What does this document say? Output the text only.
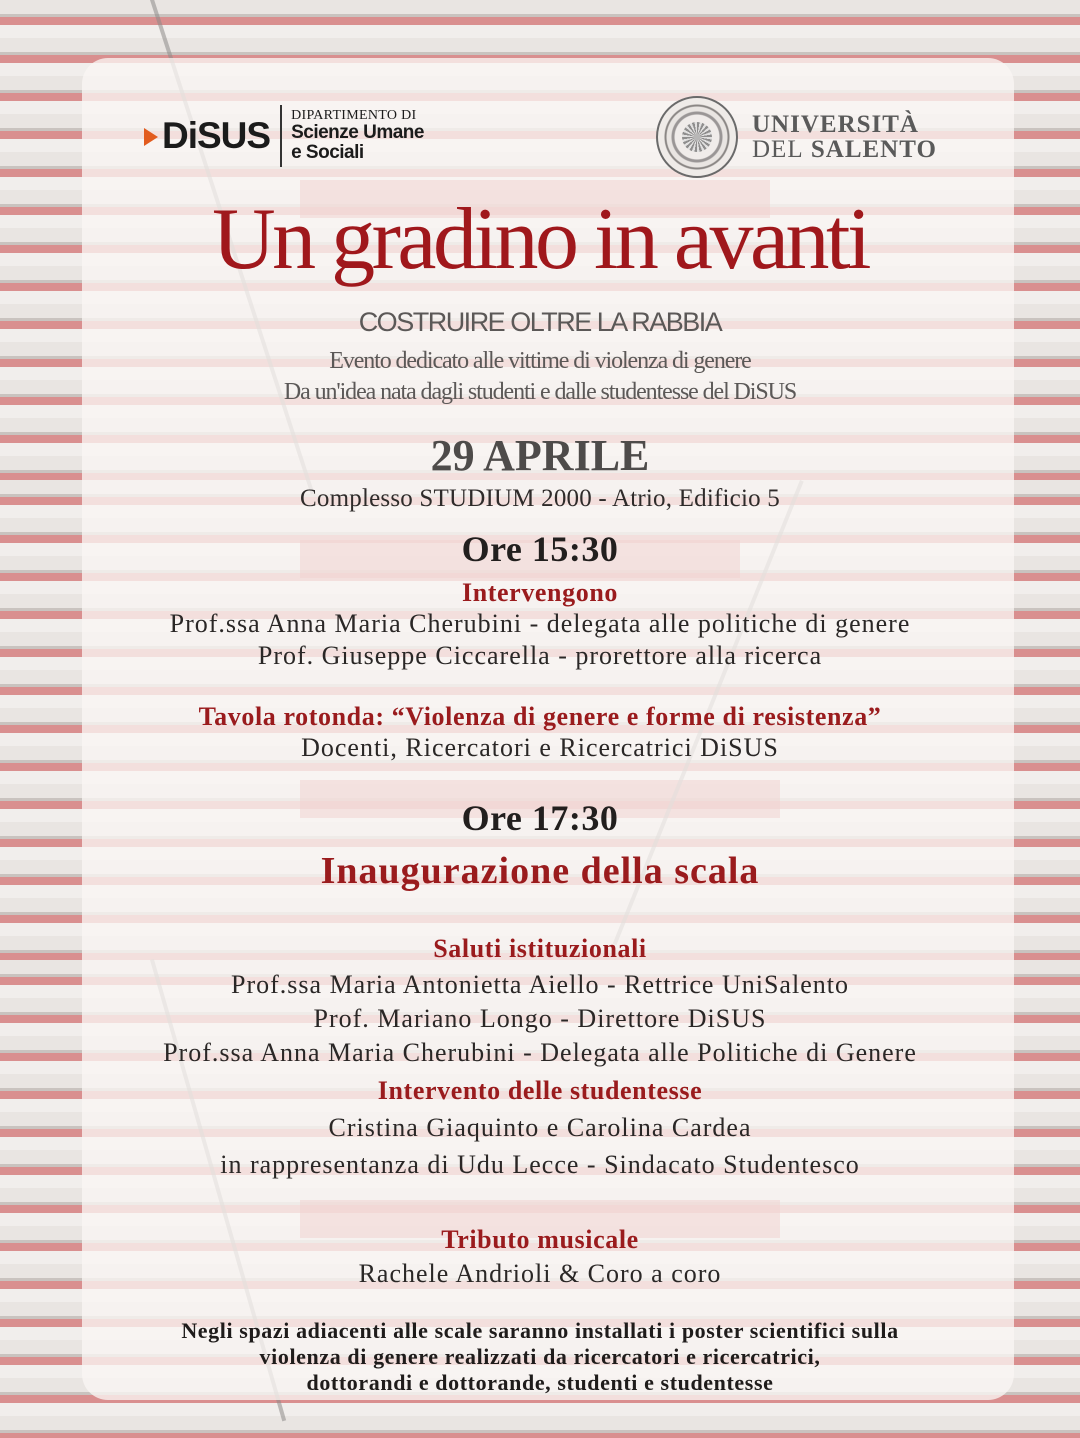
DiSUS DIPARTIMENTO DI
Scienze Umane
e Sociali
UNIVERSITÀ
DEL SALENTO
Un gradino in avanti
COSTRUIRE OLTRE LA RABBIA
Evento dedicato alle vittime di violenza di genere
Da un'idea nata dagli studenti e dalle studentesse del DiSUS
29 APRILE
Complesso STUDIUM 2000 - Atrio, Edificio 5
Ore 15:30
Intervengono
Prof.ssa Anna Maria Cherubini - delegata alle politiche di genere
Prof. Giuseppe Ciccarella - prorettore alla ricerca
Tavola rotonda: “Violenza di genere e forme di resistenza”
Docenti, Ricercatori e Ricercatrici DiSUS
Ore 17:30
Inaugurazione della scala
Saluti istituzionali
Prof.ssa Maria Antonietta Aiello - Rettrice UniSalento
Prof. Mariano Longo - Direttore DiSUS
Prof.ssa Anna Maria Cherubini - Delegata alle Politiche di Genere
Intervento delle studentesse
Cristina Giaquinto e Carolina Cardea
in rappresentanza di Udu Lecce - Sindacato Studentesco
Tributo musicale
Rachele Andrioli & Coro a coro
Negli spazi adiacenti alle scale saranno installati i poster scientifici sulla
violenza di genere realizzati da ricercatori e ricercatrici,
dottorandi e dottorande, studenti e studentesse
